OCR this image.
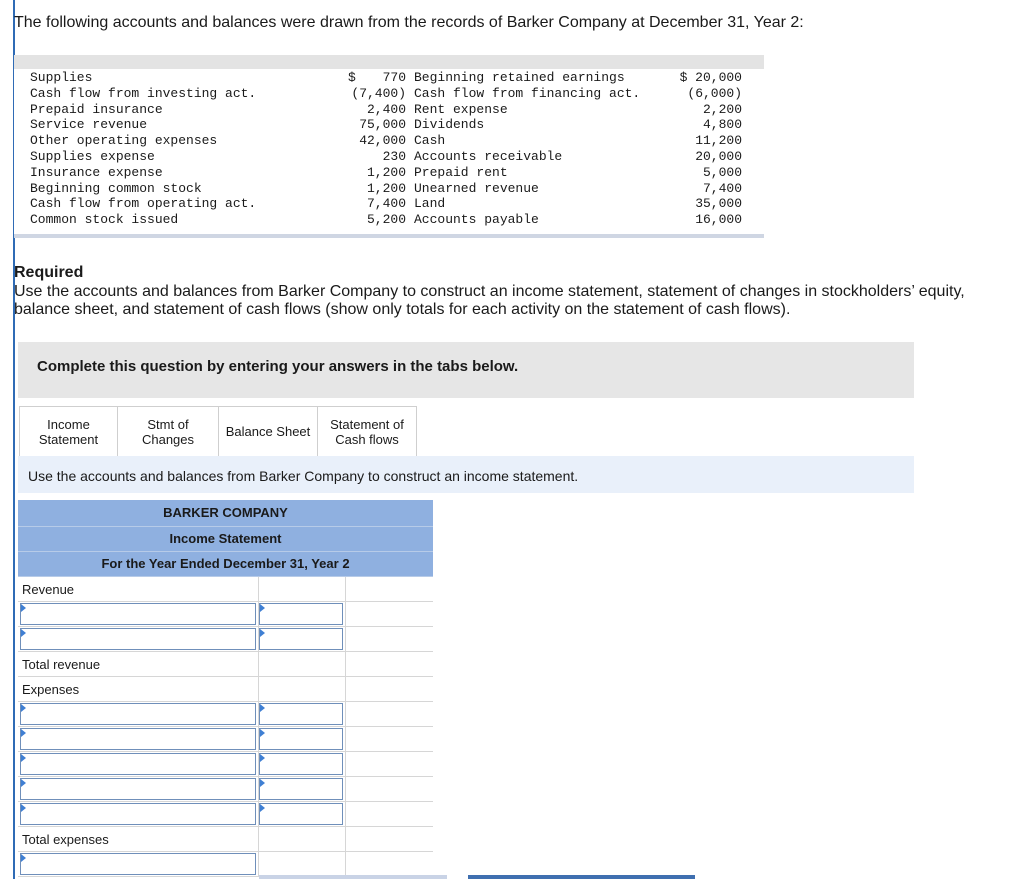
The following accounts and balances were drawn from the records of Barker Company at December 31, Year 2:
Supplies	$ 770 Beginning retained earnings	$ 20,000
Cash flow from investing act.	(7,400) Cash flow from financing act.	(6,000)
Prepaid insurance	2,400 Rent expense	2,200
Service revenue	75,000 Dividends	4,800
Other operating expenses	42,000 Cash	11,200
Supplies expense	230 Accounts receivable	20,000
Insurance expense	1,200 Prepaid rent	5,000
Beginning common stock	1,200 Unearned revenue	7,400
Cash flow from operating act.	7,400 Land	35,000
Common stock issued	5,200 Accounts payable	16,000
Required
Use the accounts and balances from Barker Company to construct an income statement, statement of changes in stockholders’ equity, balance sheet, and statement of cash flows (show only totals for each activity on the statement of cash flows).
Complete this question by entering your answers in the tabs below.
Income
Statement
Stmt of
Changes Balance Sheet Statement of
Cash flows
Use the accounts and balances from Barker Company to construct an income statement.
BARKER COMPANY
Income Statement
For the Year Ended December 31, Year 2
Revenue
Total revenue
Expenses
Total expenses
